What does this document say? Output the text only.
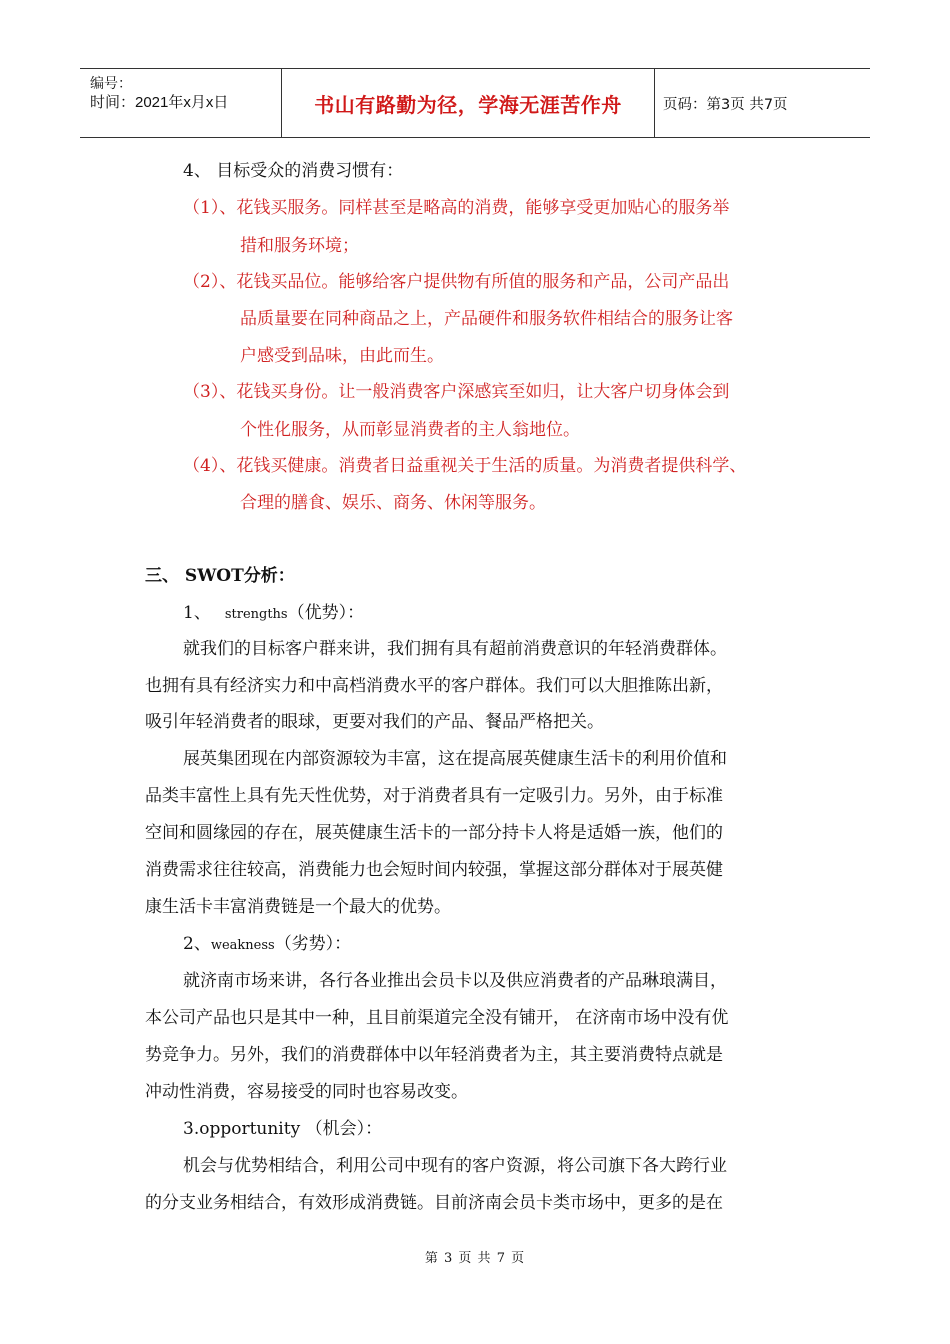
编号：
时间：2021年x月x日	书山有路勤为径，学海无涯苦作舟	页码：第3页 共7页
4、 目标受众的消费习惯有：
（1）、花钱买服务。同样甚至是略高的消费，能够享受更加贴心的服务举
措和服务环境；
（2）、花钱买品位。能够给客户提供物有所值的服务和产品，公司产品出
品质量要在同种商品之上，产品硬件和服务软件相结合的服务让客
户感受到品味，由此而生。
（3）、花钱买身份。让一般消费客户深感宾至如归，让大客户切身体会到
个性化服务，从而彰显消费者的主人翁地位。
（4）、花钱买健康。消费者日益重视关于生活的质量。为消费者提供科学、
合理的膳食、娱乐、商务、休闲等服务。
三、 SWOT分析：
1、 strengths（优势）：
就我们的目标客户群来讲，我们拥有具有超前消费意识的年轻消费群体。
也拥有具有经济实力和中高档消费水平的客户群体。我们可以大胆推陈出新，
吸引年轻消费者的眼球，更要对我们的产品、餐品严格把关。
展英集团现在内部资源较为丰富，这在提高展英健康生活卡的利用价值和
品类丰富性上具有先天性优势，对于消费者具有一定吸引力。另外，由于标准
空间和圆缘园的存在，展英健康生活卡的一部分持卡人将是适婚一族，他们的
消费需求往往较高，消费能力也会短时间内较强，掌握这部分群体对于展英健
康生活卡丰富消费链是一个最大的优势。
2、weakness（劣势）：
就济南市场来讲，各行各业推出会员卡以及供应消费者的产品琳琅满目，
本公司产品也只是其中一种，且目前渠道完全没有铺开， 在济南市场中没有优
势竞争力。另外，我们的消费群体中以年轻消费者为主，其主要消费特点就是
冲动性消费，容易接受的同时也容易改变。
3.opportunity （机会）：
机会与优势相结合，利用公司中现有的客户资源，将公司旗下各大跨行业
的分支业务相结合，有效形成消费链。目前济南会员卡类市场中，更多的是在
第 3 页 共 7 页
